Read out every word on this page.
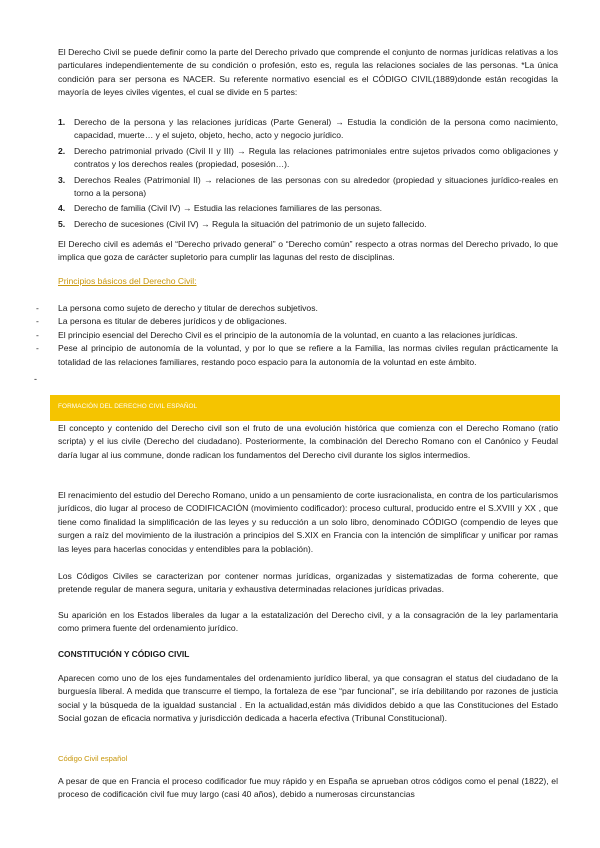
El Derecho Civil se puede definir como la parte del Derecho privado que comprende el conjunto de normas jurídicas relativas a los particulares independientemente de su condición o profesión, esto es, regula las relaciones sociales de las personas. *La única condición para ser persona es NACER. Su referente normativo esencial es el CÓDIGO CIVIL(1889)donde están recogidas la mayoría de leyes civiles vigentes, el cual se divide en 5 partes:

1. Derecho de la persona y las relaciones jurídicas (Parte General) → Estudia la condición de la persona como nacimiento, capacidad, muerte… y el sujeto, objeto, hecho, acto y negocio jurídico.
2. Derecho patrimonial privado (Civil II y III) → Regula las relaciones patrimoniales entre sujetos privados como obligaciones y contratos y los derechos reales (propiedad, posesión…).
3. Derechos Reales (Patrimonial II) → relaciones de las personas con su alrededor (propiedad y situaciones jurídico-reales en torno a la persona)
4. Derecho de familia (Civil IV) → Estudia las relaciones familiares de las personas.
5. Derecho de sucesiones (Civil IV) → Regula la situación del patrimonio de un sujeto fallecido.

El Derecho civil es además el “Derecho privado general” o “Derecho común” respecto a otras normas del Derecho privado, lo que implica que goza de carácter supletorio para cumplir las lagunas del resto de disciplinas.

Principios básicos del Derecho Civil:
- La persona como sujeto de derecho y titular de derechos subjetivos.
- La persona es titular de deberes jurídicos y de obligaciones.
- El principio esencial del Derecho Civil es el principio de la autonomía de la voluntad, en cuanto a las relaciones jurídicas.
- Pese al principio de autonomía de la voluntad, y por lo que se refiere a la Familia, las normas civiles regulan prácticamente la totalidad de las relaciones familiares, restando poco espacio para la autonomía de la voluntad en este ámbito.
-
FORMACIÓN DEL DERECHO CIVIL ESPAÑOL

El concepto y contenido del Derecho civil son el fruto de una evolución histórica que comienza con el Derecho Romano (ratio scripta) y el ius civile (Derecho del ciudadano). Posteriormente, la combinación del Derecho Romano con el Canónico y Feudal daría lugar al ius commune, donde radican los fundamentos del Derecho civil durante los siglos intermedios.

El renacimiento del estudio del Derecho Romano, unido a un pensamiento de corte iusracionalista, en contra de los particularismos jurídicos, dio lugar al proceso de CODIFICACIÓN (movimiento codificador): proceso cultural, producido entre el S.XVIII y XX , que tiene como finalidad la simplificación de las leyes y su reducción a un solo libro, denominado CÓDIGO (compendio de leyes que surgen a raíz del movimiento de la ilustración a principios del S.XIX en Francia con la intención de simplificar y unificar por ramas las leyes para hacerlas conocidas y entendibles para la población).

Los Códigos Civiles se caracterizan por contener normas jurídicas, organizadas y sistematizadas de forma coherente, que pretende regular de manera segura, unitaria y exhaustiva determinadas relaciones jurídicas privadas.

Su aparición en los Estados liberales da lugar a la estatalización del Derecho civil, y a la consagración de la ley parlamentaria como primera fuente del ordenamiento jurídico.

CONSTITUCIÓN Y CÓDIGO CIVIL

Aparecen como uno de los ejes fundamentales del ordenamiento jurídico liberal, ya que consagran el status del ciudadano de la burguesía liberal. A medida que transcurre el tiempo, la fortaleza de ese “par funcional”, se iría debilitando por razones de justicia social y la búsqueda de la igualdad sustancial . En la actualidad,están más divididos debido a que las Constituciones del Estado Social gozan de eficacia normativa y jurisdicción dedicada a hacerla efectiva (Tribunal Constitucional).

Código Civil español

A pesar de que en Francia el proceso codificador fue muy rápido y en España se aprueban otros códigos como el penal (1822), el proceso de codificación civil fue muy largo (casi 40 años), debido a numerosas circunstancias
